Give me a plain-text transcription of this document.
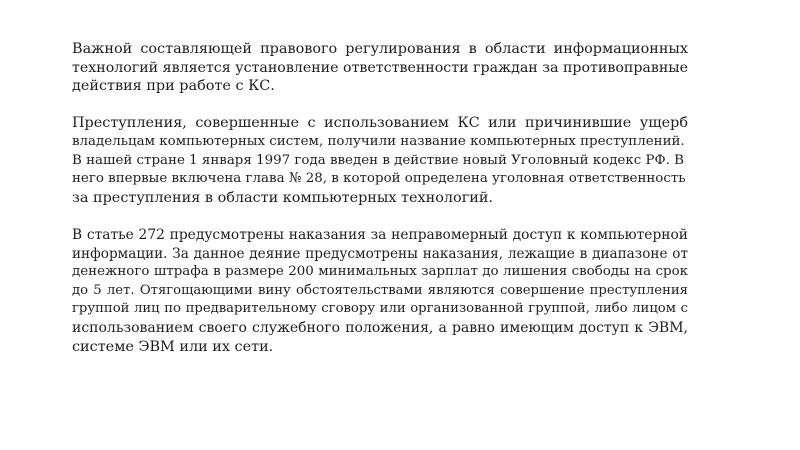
Важной составляющей правового регулирования в области информационных
технологий является установление ответственности граждан за противоправные
действия при работе с КС.
Преступления, совершенные с использованием КС или причинившие ущерб
владельцам компьютерных систем, получили название компьютерных преступлений.
В нашей стране 1 января 1997 года введен в действие новый Уголовный кодекс РФ. В
него впервые включена глава № 28, в которой определена уголовная ответственность
за преступления в области компьютерных технологий.
В статье 272 предусмотрены наказания за неправомерный доступ к компьютерной
информации. За данное деяние предусмотрены наказания, лежащие в диапазоне от
денежного штрафа в размере 200 минимальных зарплат до лишения свободы на срок
до 5 лет. Отягощающими вину обстоятельствами являются совершение преступления
группой лиц по предварительному сговору или организованной группой, либо лицом с
использованием своего служебного положения, а равно имеющим доступ к ЭВМ,
системе ЭВМ или их сети.
